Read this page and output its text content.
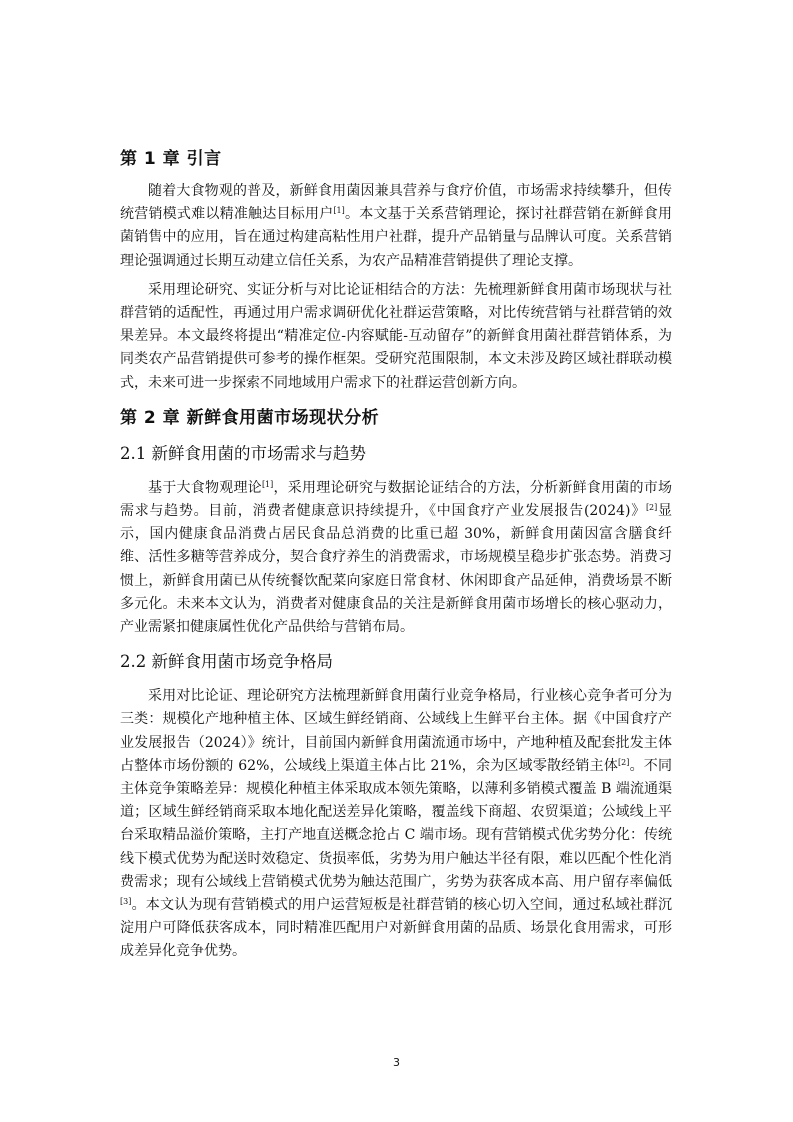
第 1 章 引言

随着大食物观的普及，新鲜食用菌因兼具营养与食疗价值，市场需求持续攀升，但传统营销模式难以精准触达目标用户[1]。本文基于关系营销理论，探讨社群营销在新鲜食用菌销售中的应用，旨在通过构建高粘性用户社群，提升产品销量与品牌认可度。关系营销理论强调通过长期互动建立信任关系，为农产品精准营销提供了理论支撑。

采用理论研究、实证分析与对比论证相结合的方法：先梳理新鲜食用菌市场现状与社群营销的适配性，再通过用户需求调研优化社群运营策略，对比传统营销与社群营销的效果差异。本文最终将提出“精准定位-内容赋能-互动留存”的新鲜食用菌社群营销体系，为同类农产品营销提供可参考的操作框架。受研究范围限制，本文未涉及跨区域社群联动模式，未来可进一步探索不同地域用户需求下的社群运营创新方向。

第 2 章 新鲜食用菌市场现状分析
2.1 新鲜食用菌的市场需求与趋势

基于大食物观理论[1]，采用理论研究与数据论证结合的方法，分析新鲜食用菌的市场需求与趋势。目前，消费者健康意识持续提升，《中国食疗产业发展报告(2024)》[2]显示，国内健康食品消费占居民食品总消费的比重已超 30%，新鲜食用菌因富含膳食纤维、活性多糖等营养成分，契合食疗养生的消费需求，市场规模呈稳步扩张态势。消费习惯上，新鲜食用菌已从传统餐饮配菜向家庭日常食材、休闲即食产品延伸，消费场景不断多元化。未来本文认为，消费者对健康食品的关注是新鲜食用菌市场增长的核心驱动力，产业需紧扣健康属性优化产品供给与营销布局。

2.2 新鲜食用菌市场竞争格局

采用对比论证、理论研究方法梳理新鲜食用菌行业竞争格局，行业核心竞争者可分为三类：规模化产地种植主体、区域生鲜经销商、公域线上生鲜平台主体。据《中国食疗产业发展报告（2024）》统计，目前国内新鲜食用菌流通市场中，产地种植及配套批发主体占整体市场份额的 62%，公域线上渠道主体占比 21%，余为区域零散经销主体[2]。不同主体竞争策略差异：规模化种植主体采取成本领先策略，以薄利多销模式覆盖 B 端流通渠道；区域生鲜经销商采取本地化配送差异化策略，覆盖线下商超、农贸渠道；公域线上平台采取精品溢价策略，主打产地直送概念抢占 C 端市场。现有营销模式优劣势分化：传统线下模式优势为配送时效稳定、货损率低，劣势为用户触达半径有限，难以匹配个性化消费需求；现有公域线上营销模式优势为触达范围广，劣势为获客成本高、用户留存率偏低[3]。本文认为现有营销模式的用户运营短板是社群营销的核心切入空间，通过私域社群沉淀用户可降低获客成本，同时精准匹配用户对新鲜食用菌的品质、场景化食用需求，可形成差异化竞争优势。

3
